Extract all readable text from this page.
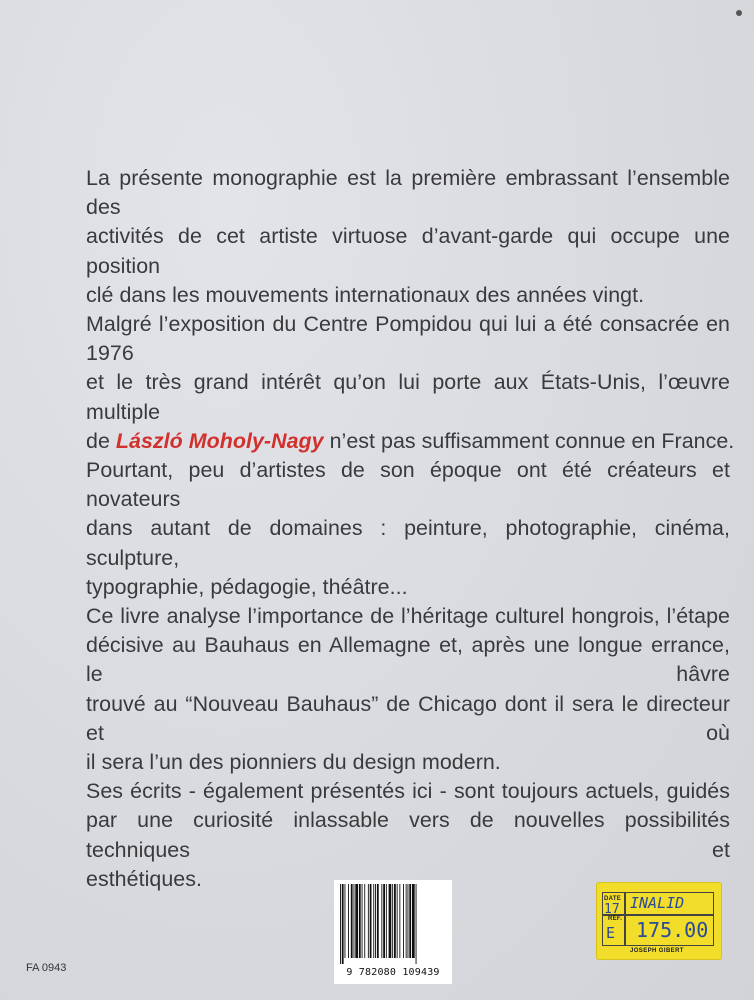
La présente monographie est la première embrassant l’ensemble des
activités de cet artiste virtuose d’avant-garde qui occupe une position
clé dans les mouvements internationaux des années vingt.
Malgré l’exposition du Centre Pompidou qui lui a été consacrée en 1976
et le très grand intérêt qu’on lui porte aux États-Unis, l’œuvre multiple
de László Moholy-Nagy n’est pas suffisamment connue en France.
Pourtant, peu d’artistes de son époque ont été créateurs et novateurs
dans autant de domaines : peinture, photographie, cinéma, sculpture,
typographie, pédagogie, théâtre...
Ce livre analyse l’importance de l’héritage culturel hongrois, l’étape
décisive au Bauhaus en Allemagne et, après une longue errance, le hâvre
trouvé au “Nouveau Bauhaus” de Chicago dont il sera le directeur et où
il sera l’un des pionniers du design modern.
Ses écrits - également présentés ici - sont toujours actuels, guidés
par une curiosité inlassable vers de nouvelles possibilités techniques et
esthétiques.
FA 0943	9 782080 109439
DATE
RÉF.
17
E
INALID
175.00
JOSEPH GIBERT
